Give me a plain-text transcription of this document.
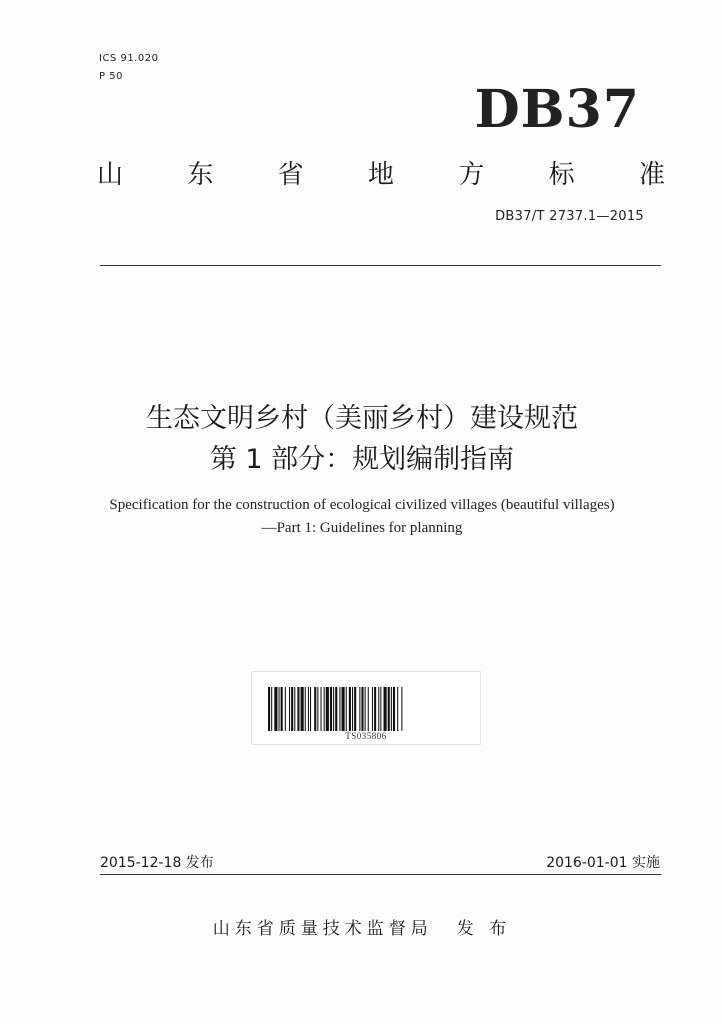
ICS 91.020
P 50
DB37
山 东 省 地 方 标 准
DB37/T 2737.1—2015
生态文明乡村（美丽乡村）建设规范
第 1 部分：规划编制指南
Specification for the construction of ecological civilized villages (beautiful villages)
—Part 1: Guidelines for planning
TS035806
2015-12-18 发布	2016-01-01 实施
山东省质量技术监督局 发 布
